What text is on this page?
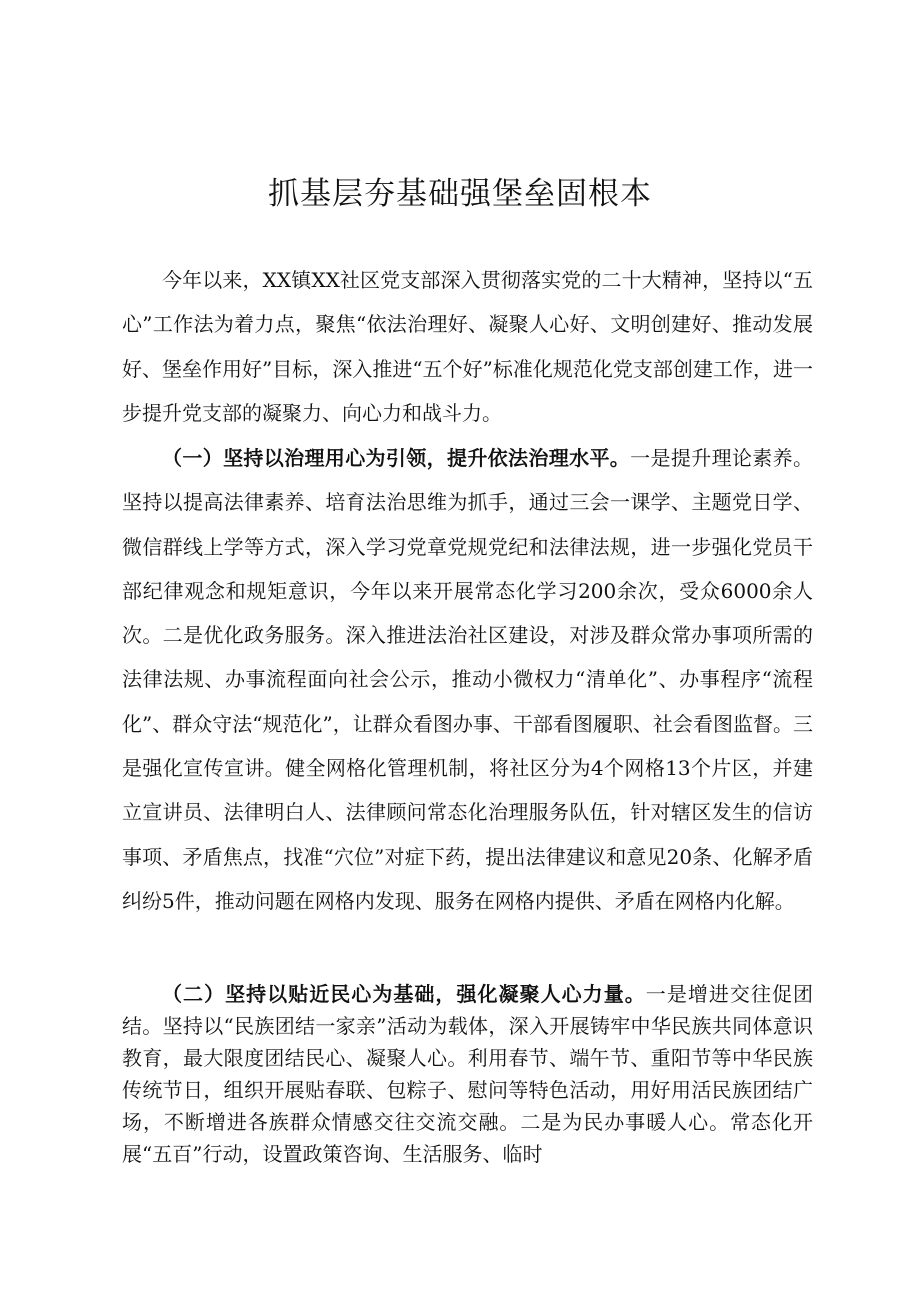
抓基层夯基础强堡垒固根本

今年以来，XX镇XX社区党支部深入贯彻落实党的二十大精神，坚持以“五心”工作法为着力点，聚焦“依法治理好、凝聚人心好、文明创建好、推动发展好、堡垒作用好”目标，深入推进“五个好”标准化规范化党支部创建工作，进一步提升党支部的凝聚力、向心力和战斗力。

（一）坚持以治理用心为引领，提升依法治理水平。一是提升理论素养。坚持以提高法律素养、培育法治思维为抓手，通过三会一课学、主题党日学、微信群线上学等方式，深入学习党章党规党纪和法律法规，进一步强化党员干部纪律观念和规矩意识，今年以来开展常态化学习200余次，受众6000余人次。二是优化政务服务。深入推进法治社区建设，对涉及群众常办事项所需的法律法规、办事流程面向社会公示，推动小微权力“清单化”、办事程序“流程化”、群众守法“规范化”，让群众看图办事、干部看图履职、社会看图监督。三是强化宣传宣讲。健全网格化管理机制，将社区分为4个网格13个片区，并建立宣讲员、法律明白人、法律顾问常态化治理服务队伍，针对辖区发生的信访事项、矛盾焦点，找准“穴位”对症下药，提出法律建议和意见20条、化解矛盾纠纷5件，推动问题在网格内发现、服务在网格内提供、矛盾在网格内化解。

（二）坚持以贴近民心为基础，强化凝聚人心力量。一是增进交往促团结。坚持以“民族团结一家亲”活动为载体，深入开展铸牢中华民族共同体意识教育，最大限度团结民心、凝聚人心。利用春节、端午节、重阳节等中华民族传统节日，组织开展贴春联、包粽子、慰问等特色活动，用好用活民族团结广场，不断增进各族群众情感交往交流交融。二是为民办事暖人心。常态化开展“五百”行动，设置政策咨询、生活服务、临时
